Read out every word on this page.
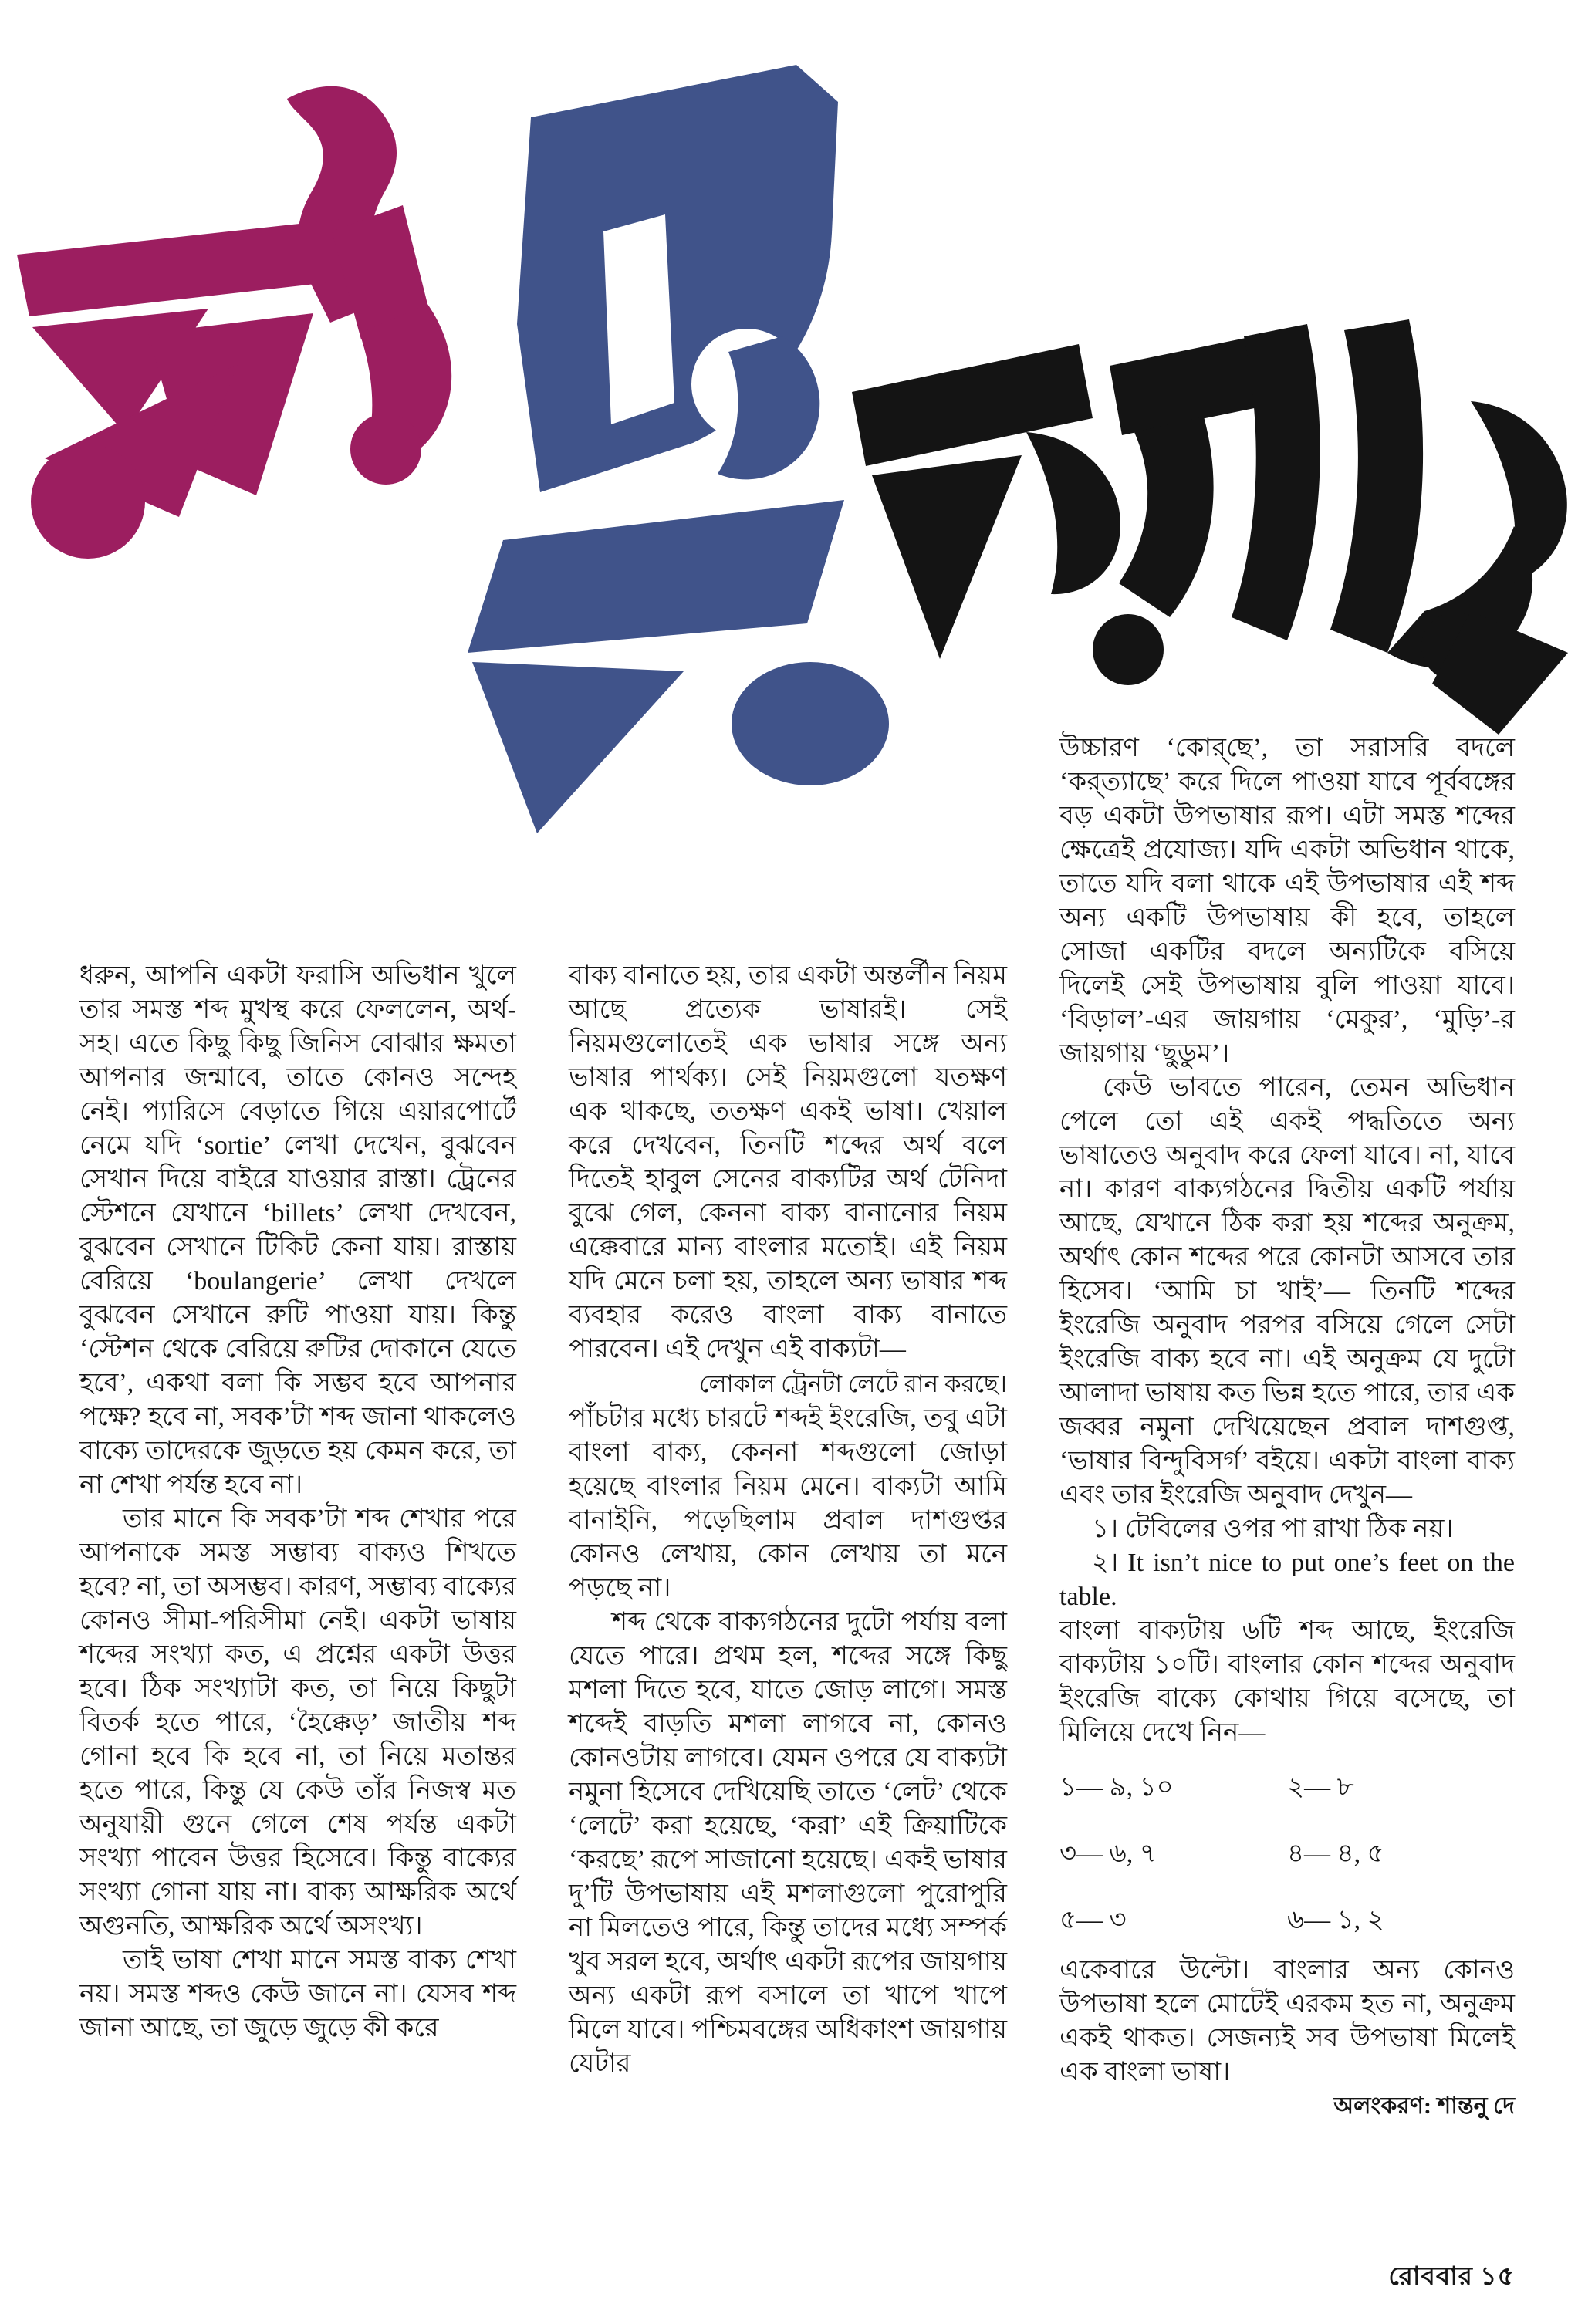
ধরুন, আপনি একটা ফরাসি অভিধান খুলে তার সমস্ত শব্দ মুখস্থ করে ফেললেন, অর্থ-সহ। এতে কিছু কিছু জিনিস বোঝার ক্ষমতা আপনার জন্মাবে, তাতে কোনও সন্দেহ নেই। প্যারিসে বেড়াতে গিয়ে এয়ারপোর্টে নেমে যদি ‘sortie’ লেখা দেখেন, বুঝবেন সেখান দিয়ে বাইরে যাওয়ার রাস্তা। ট্রেনের স্টেশনে যেখানে ‘billets’ লেখা দেখবেন, বুঝবেন সেখানে টিকিট কেনা যায়। রাস্তায় বেরিয়ে ‘boulangerie’ লেখা দেখলে বুঝবেন সেখানে রুটি পাওয়া যায়। কিন্তু ‘স্টেশন থেকে বেরিয়ে রুটির দোকানে যেতে হবে’, একথা বলা কি সম্ভব হবে আপনার পক্ষে? হবে না, সবক’টা শব্দ জানা থাকলেও বাক্যে তাদেরকে জুড়তে হয় কেমন করে, তা না শেখা পর্যন্ত হবে না।

তার মানে কি সবক’টা শব্দ শেখার পরে আপনাকে সমস্ত সম্ভাব্য বাক্যও শিখতে হবে? না, তা অসম্ভব। কারণ, সম্ভাব্য বাক্যের কোনও সীমা-পরিসীমা নেই। একটা ভাষায় শব্দের সংখ্যা কত, এ প্রশ্নের একটা উত্তর হবে। ঠিক সংখ্যাটা কত, তা নিয়ে কিছুটা বিতর্ক হতে পারে, ‘হৈক্কেড়’ জাতীয় শব্দ গোনা হবে কি হবে না, তা নিয়ে মতান্তর হতে পারে, কিন্তু যে কেউ তাঁর নিজস্ব মত অনুযায়ী গুনে গেলে শেষ পর্যন্ত একটা সংখ্যা পাবেন উত্তর হিসেবে। কিন্তু বাক্যের সংখ্যা গোনা যায় না। বাক্য আক্ষরিক অর্থে অগুনতি, আক্ষরিক অর্থে অসংখ্য।

তাই ভাষা শেখা মানে সমস্ত বাক্য শেখা নয়। সমস্ত শব্দও কেউ জানে না। যেসব শব্দ জানা আছে, তা জুড়ে জুড়ে কী করে

বাক্য বানাতে হয়, তার একটা অন্তর্লীন নিয়ম আছে প্রত্যেক ভাষারই। সেই নিয়মগুলোতেই এক ভাষার সঙ্গে অন্য ভাষার পার্থক্য। সেই নিয়মগুলো যতক্ষণ এক থাকছে, ততক্ষণ একই ভাষা। খেয়াল করে দেখবেন, তিনটি শব্দের অর্থ বলে দিতেই হাবুল সেনের বাক্যটির অর্থ টেনিদা বুঝে গেল, কেননা বাক্য বানানোর নিয়ম এক্কেবারে মান্য বাংলার মতোই। এই নিয়ম যদি মেনে চলা হয়, তাহলে অন্য ভাষার শব্দ ব্যবহার করেও বাংলা বাক্য বানাতে পারবেন। এই দেখুন এই বাক্যটা—

লোকাল ট্রেনটা লেটে রান করছে।

পাঁচটার মধ্যে চারটে শব্দই ইংরেজি, তবু এটা বাংলা বাক্য, কেননা শব্দগুলো জোড়া হয়েছে বাংলার নিয়ম মেনে। বাক্যটা আমি বানাইনি, পড়েছিলাম প্রবাল দাশগুপ্তর কোনও লেখায়, কোন লেখায় তা মনে পড়ছে না।

শব্দ থেকে বাক্যগঠনের দুটো পর্যায় বলা যেতে পারে। প্রথম হল, শব্দের সঙ্গে কিছু মশলা দিতে হবে, যাতে জোড় লাগে। সমস্ত শব্দেই বাড়তি মশলা লাগবে না, কোনও কোনওটায় লাগবে। যেমন ওপরে যে বাক্যটা নমুনা হিসেবে দেখিয়েছি তাতে ‘লেট’ থেকে ‘লেটে’ করা হয়েছে, ‘করা’ এই ক্রিয়াটিকে ‘করছে’ রূপে সাজানো হয়েছে। একই ভাষার দু’টি উপভাষায় এই মশলাগুলো পুরোপুরি না মিলতেও পারে, কিন্তু তাদের মধ্যে সম্পর্ক খুব সরল হবে, অর্থাৎ একটা রূপের জায়গায় অন্য একটা রূপ বসালে তা খাপে খাপে মিলে যাবে। পশ্চিমবঙ্গের অধিকাংশ জায়গায় যেটার

উচ্চারণ ‘কোর্‌ছে’, তা সরাসরি বদলে ‘কর্‌ত্যাছে’ করে দিলে পাওয়া যাবে পূর্ববঙ্গের বড় একটা উপভাষার রূপ। এটা সমস্ত শব্দের ক্ষেত্রেই প্রযোজ্য। যদি একটা অভিধান থাকে, তাতে যদি বলা থাকে এই উপভাষার এই শব্দ অন্য একটি উপভাষায় কী হবে, তাহলে সোজা একটির বদলে অন্যটিকে বসিয়ে দিলেই সেই উপভাষায় বুলি পাওয়া যাবে। ‘বিড়াল’-এর জায়গায় ‘মেকুর’, ‘মুড়ি’-র জায়গায় ‘ছুডুম’।

কেউ ভাবতে পারেন, তেমন অভিধান পেলে তো এই একই পদ্ধতিতে অন্য ভাষাতেও অনুবাদ করে ফেলা যাবে। না, যাবে না। কারণ বাক্যগঠনের দ্বিতীয় একটি পর্যায় আছে, যেখানে ঠিক করা হয় শব্দের অনুক্রম, অর্থাৎ কোন শব্দের পরে কোনটা আসবে তার হিসেব। ‘আমি চা খাই’— তিনটি শব্দের ইংরেজি অনুবাদ পরপর বসিয়ে গেলে সেটা ইংরেজি বাক্য হবে না। এই অনুক্রম যে দুটো আলাদা ভাষায় কত ভিন্ন হতে পারে, তার এক জব্বর নমুনা দেখিয়েছেন প্রবাল দাশগুপ্ত, ‘ভাষার বিন্দুবিসর্গ’ বইয়ে। একটা বাংলা বাক্য এবং তার ইংরেজি অনুবাদ দেখুন—

১। টেবিলের ওপর পা রাখা ঠিক নয়।

২। It isn’t nice to put one’s feet on the table.

বাংলা বাক্যটায় ৬টি শব্দ আছে, ইংরেজি বাক্যটায় ১০টি। বাংলার কোন শব্দের অনুবাদ ইংরেজি বাক্যে কোথায় গিয়ে বসেছে, তা মিলিয়ে দেখে নিন—

১— ৯, ১০	২— ৮
৩— ৬, ৭	৪— ৪, ৫
৫— ৩	৬— ১, ২

একেবারে উল্টো। বাংলার অন্য কোনও উপভাষা হলে মোটেই এরকম হত না, অনুক্রম একই থাকত। সেজন্যই সব উপভাষা মিলেই এক বাংলা ভাষা।

অলংকরণ: শান্তনু দে

রোববার ১৫
